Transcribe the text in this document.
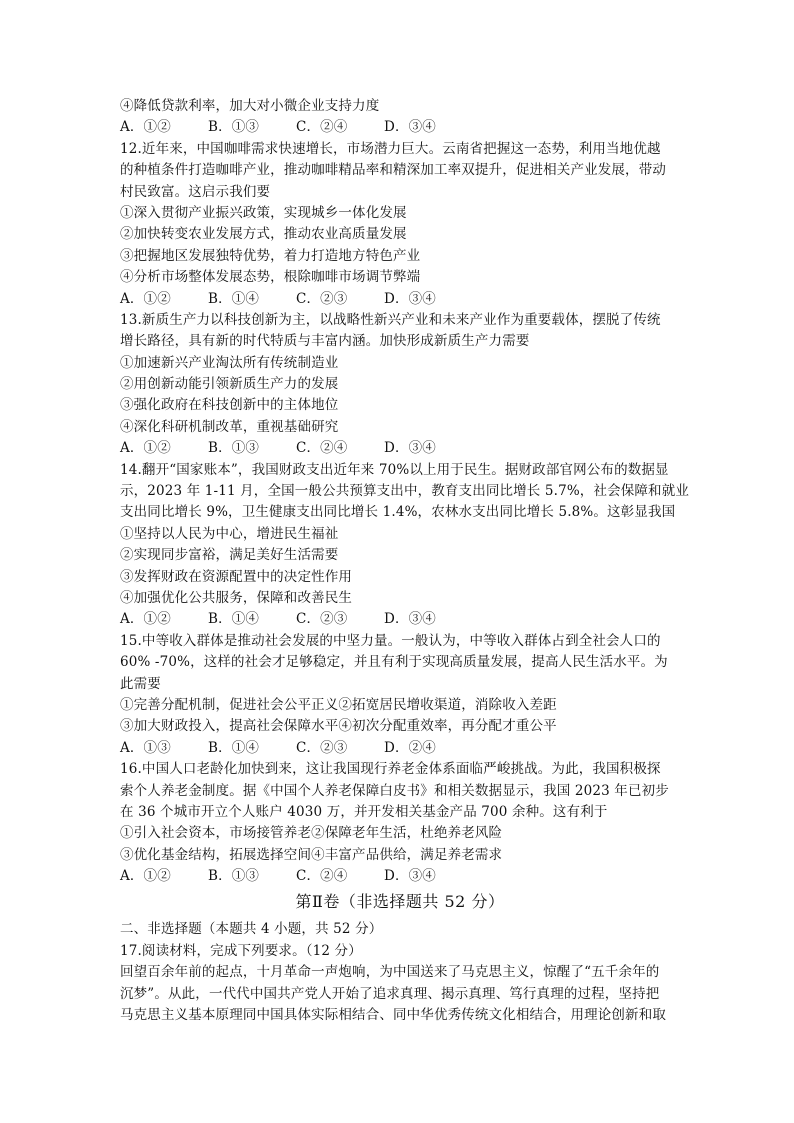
④降低贷款利率，加大对小微企业支持力度
A．①②	B．①③	C．②④	D．③④
12.近年来，中国咖啡需求快速增长，市场潜力巨大。云南省把握这一态势，利用当地优越
的种植条件打造咖啡产业，推动咖啡精品率和精深加工率双提升，促进相关产业发展，带动
村民致富。这启示我们要
①深入贯彻产业振兴政策，实现城乡一体化发展
②加快转变农业发展方式，推动农业高质量发展
③把握地区发展独特优势，着力打造地方特色产业
④分析市场整体发展态势，根除咖啡市场调节弊端
A．①②	B．①④	C．②③	D．③④
13.新质生产力以科技创新为主，以战略性新兴产业和未来产业作为重要载体，摆脱了传统
增长路径，具有新的时代特质与丰富内涵。加快形成新质生产力需要
①加速新兴产业淘汰所有传统制造业
②用创新动能引领新质生产力的发展
③强化政府在科技创新中的主体地位
④深化科研机制改革，重视基础研究
A．①②	B．①③	C．②④	D．③④
14.翻开“国家账本”，我国财政支出近年来 70%以上用于民生。据财政部官网公布的数据显
示，2023 年 1-11 月，全国一般公共预算支出中，教育支出同比增长 5.7%，社会保障和就业
支出同比增长 9%，卫生健康支出同比增长 1.4%，农林水支出同比增长 5.8%。这彰显我国
①坚持以人民为中心，增进民生福祉
②实现同步富裕，满足美好生活需要
③发挥财政在资源配置中的决定性作用
④加强优化公共服务，保障和改善民生
A．①②	B．①④	C．②③	D．③④
15.中等收入群体是推动社会发展的中坚力量。一般认为，中等收入群体占到全社会人口的
60% -70%，这样的社会才足够稳定，并且有利于实现高质量发展，提高人民生活水平。为
此需要
①完善分配机制，促进社会公平正义②拓宽居民增收渠道，消除收入差距
③加大财政投入，提高社会保障水平④初次分配重效率，再分配才重公平
A．①③	B．①④	C．②③	D．②④
16.中国人口老龄化加快到来，这让我国现行养老金体系面临严峻挑战。为此，我国积极探
索个人养老金制度。据《中国个人养老保障白皮书》和相关数据显示，我国 2023 年已初步
在 36 个城市开立个人账户 4030 万，并开发相关基金产品 700 余种。这有利于
①引入社会资本，市场接管养老②保障老年生活，杜绝养老风险
③优化基金结构，拓展选择空间④丰富产品供给，满足养老需求
A．①②	B．①③	C．②④	D．③④
第Ⅱ卷（非选择题共 52 分）
二、非选择题（本题共 4 小题，共 52 分）
17.阅读材料，完成下列要求。（12 分）
回望百余年前的起点，十月革命一声炮响，为中国送来了马克思主义，惊醒了“五千余年的
沉梦”。从此，一代代中国共产党人开始了追求真理、揭示真理、笃行真理的过程，坚持把
马克思主义基本原理同中国具体实际相结合、同中华优秀传统文化相结合，用理论创新和取
